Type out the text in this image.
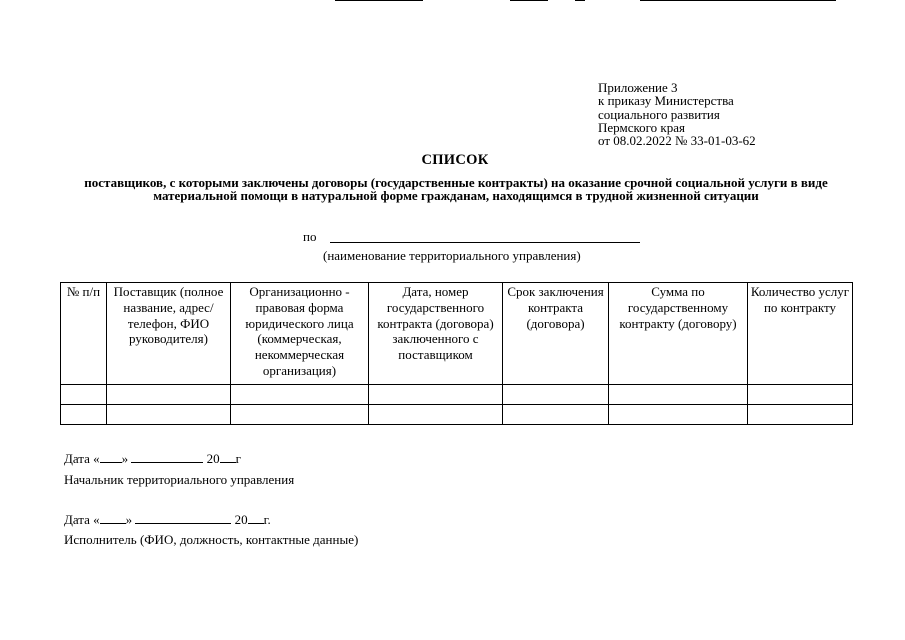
Приложение 3
к приказу Министерства
социального развития
Пермского края
от 08.02.2022 № 33-01-03-62
СПИСОК
поставщиков, с которыми заключены договоры (государственные контракты) на оказание срочной социальной услуги в виде материальной помощи в натуральной форме гражданам, находящимся в трудной жизненной ситуации
по
(наименование территориального управления)
№ п/п	Поставщик (полное название, адрес/телефон, ФИО руководителя)	Организационно - правовая форма юридического лица (коммерческая, некоммерческая организация)	Дата, номер государственного контракта (договора) заключенного с поставщиком	Срок заключения контракта (договора)	Сумма по государственному контракту (договору)	Количество услуг по контракту

Дата « »	20 г
Начальник территориального управления
Дата « »	20 г.
Исполнитель (ФИО, должность, контактные данные)
